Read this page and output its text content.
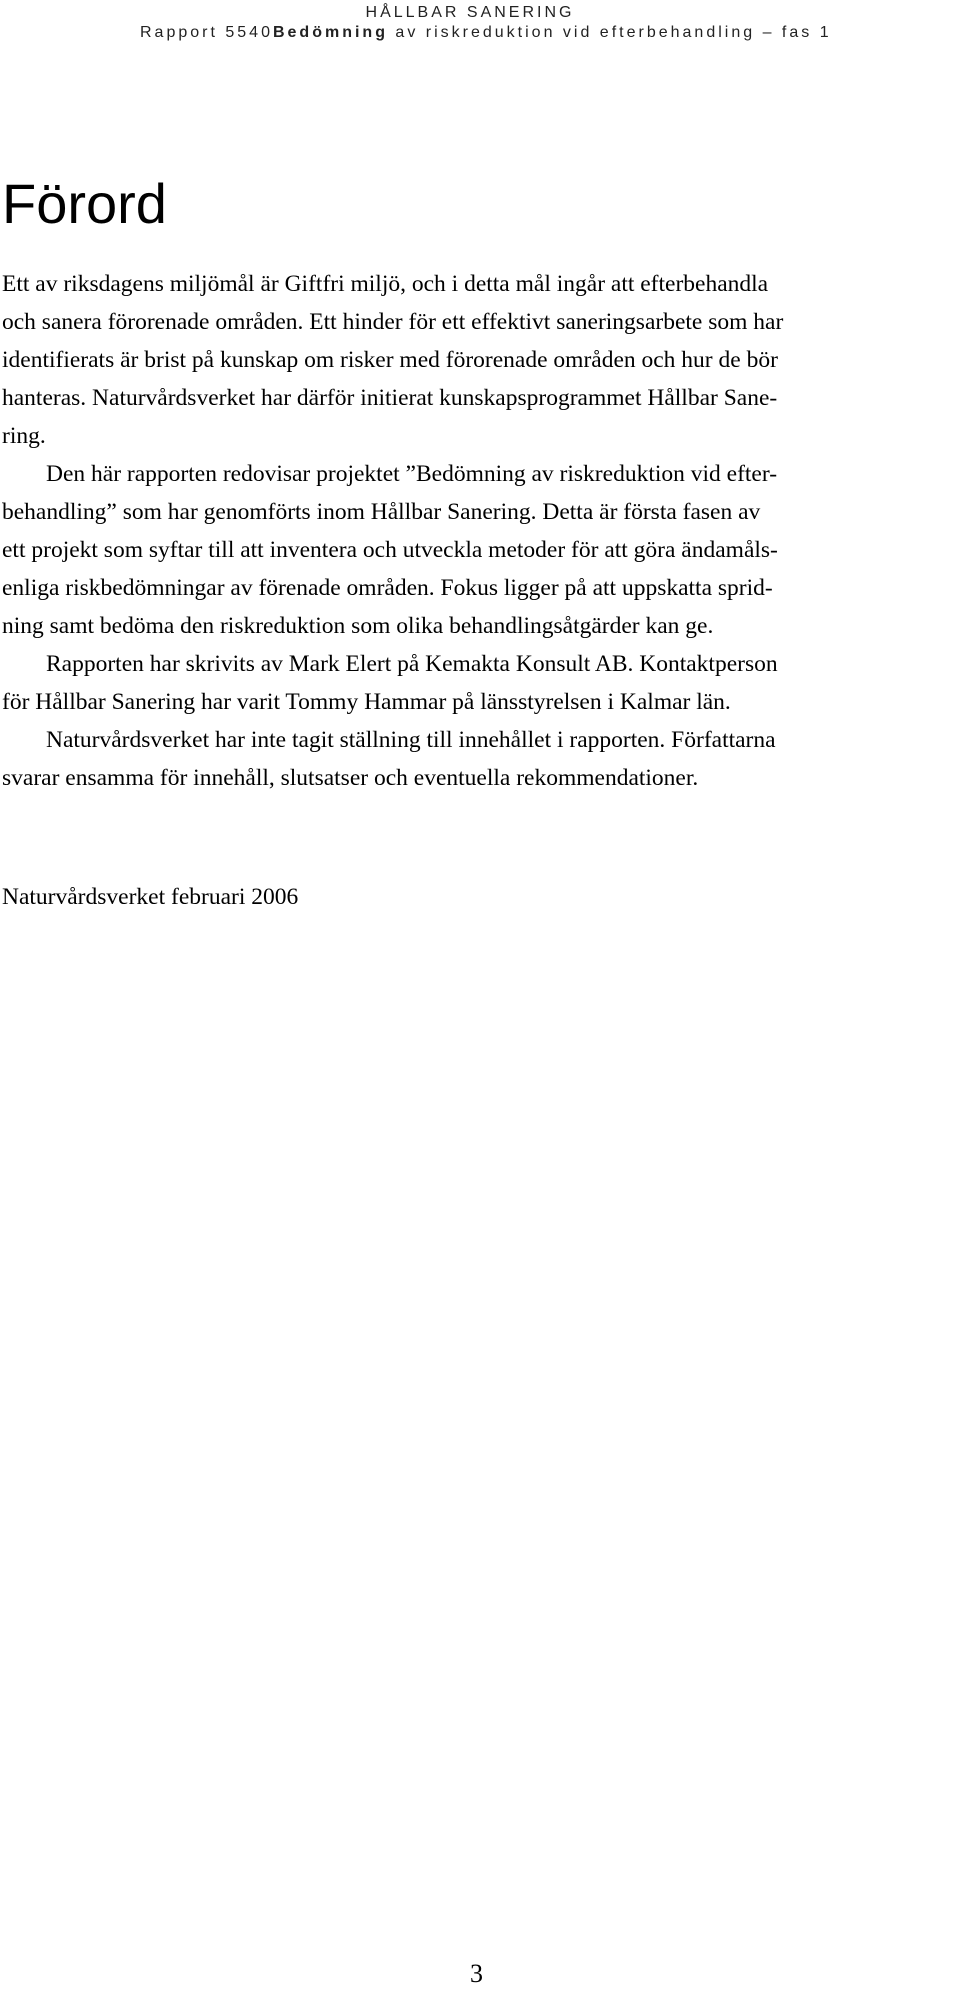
HÅLLBAR SANERING
Rapport 5540Bedömning av riskreduktion vid efterbehandling – fas 1
Förord
Ett av riksdagens miljömål är Giftfri miljö, och i detta mål ingår att efterbehandla
och sanera förorenade områden. Ett hinder för ett effektivt saneringsarbete som har
identifierats är brist på kunskap om risker med förorenade områden och hur de bör
hanteras. Naturvårdsverket har därför initierat kunskapsprogrammet Hållbar Sane-
ring.
Den här rapporten redovisar projektet ”Bedömning av riskreduktion vid efter-
behandling” som har genomförts inom Hållbar Sanering. Detta är första fasen av
ett projekt som syftar till att inventera och utveckla metoder för att göra ändamåls-
enliga riskbedömningar av förenade områden. Fokus ligger på att uppskatta sprid-
ning samt bedöma den riskreduktion som olika behandlingsåtgärder kan ge.
Rapporten har skrivits av Mark Elert på Kemakta Konsult AB. Kontaktperson
för Hållbar Sanering har varit Tommy Hammar på länsstyrelsen i Kalmar län.
Naturvårdsverket har inte tagit ställning till innehållet i rapporten. Författarna
svarar ensamma för innehåll, slutsatser och eventuella rekommendationer.
Naturvårdsverket februari 2006
3
